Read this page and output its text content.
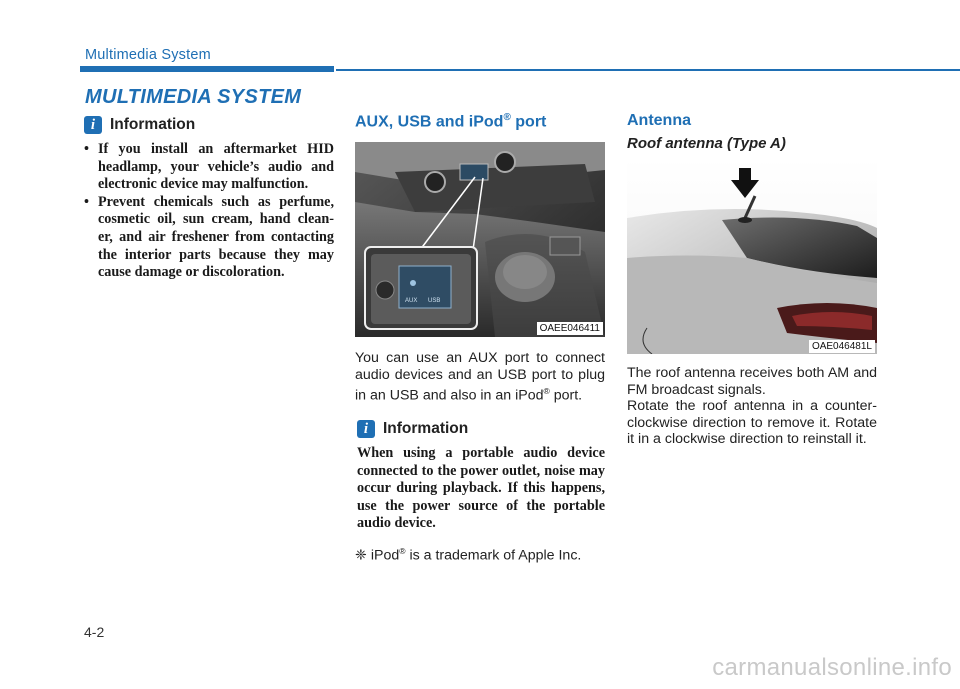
Multimedia System
MULTIMEDIA SYSTEM
i Information
• If you install an aftermarket HID headlamp, your vehicle’s audio and electronic device may malfunction.
• Prevent chemicals such as perfume, cosmetic oil, sun cream, hand clean- er, and air freshener from contacting the interior parts because they may cause damage or discoloration.
AUX, USB and iPod® port
AUX USB
OAEE046411
You can use an AUX port to connect audio devices and an USB port to plug in an USB and also in an iPod® port.
i Information
When using a portable audio device connected to the power outlet, noise may occur during playback. If this happens, use the power source of the portable audio device.
❈ iPod® is a trademark of Apple Inc.
Antenna
Roof antenna (Type A)
OAE046481L
The roof antenna receives both AM and FM broadcast signals.
Rotate the roof antenna in a counter-clockwise direction to remove it. Rotate it in a clockwise direction to reinstall it.
4-2
carmanualsonline.info
